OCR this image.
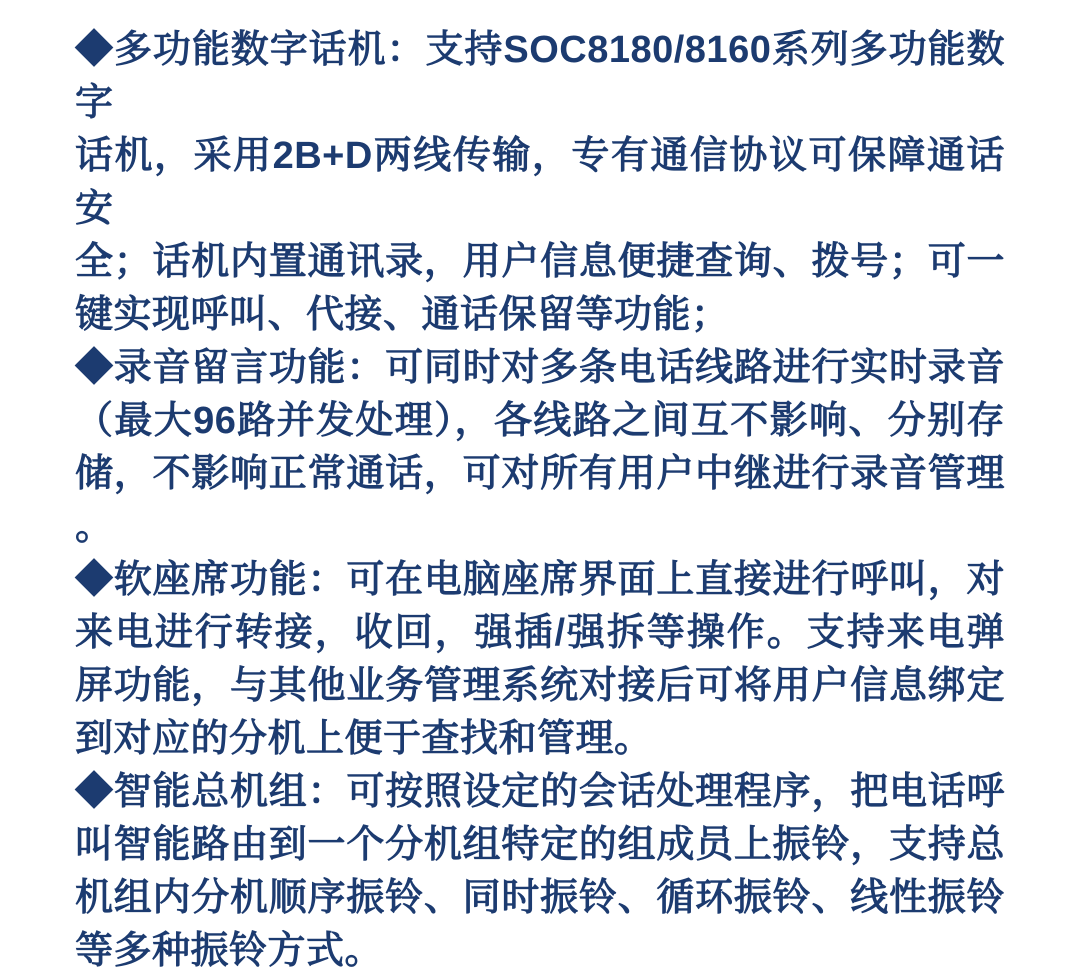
◆多功能数字话机：支持SOC8180/8160系列多功能数字
话机，采用2B+D两线传输，专有通信协议可保障通话安
全；话机内置通讯录，用户信息便捷查询、拨号；可一
键实现呼叫、代接、通话保留等功能；
◆录音留言功能：可同时对多条电话线路进行实时录音
（最大96路并发处理），各线路之间互不影响、分别存
储，不影响正常通话，可对所有用户中继进行录音管理
。
◆软座席功能：可在电脑座席界面上直接进行呼叫，对
来电进行转接，收回，强插/强拆等操作。支持来电弹
屏功能，与其他业务管理系统对接后可将用户信息绑定
到对应的分机上便于查找和管理。
◆智能总机组：可按照设定的会话处理程序，把电话呼
叫智能路由到一个分机组特定的组成员上振铃，支持总
机组内分机顺序振铃、同时振铃、循环振铃、线性振铃
等多种振铃方式。
